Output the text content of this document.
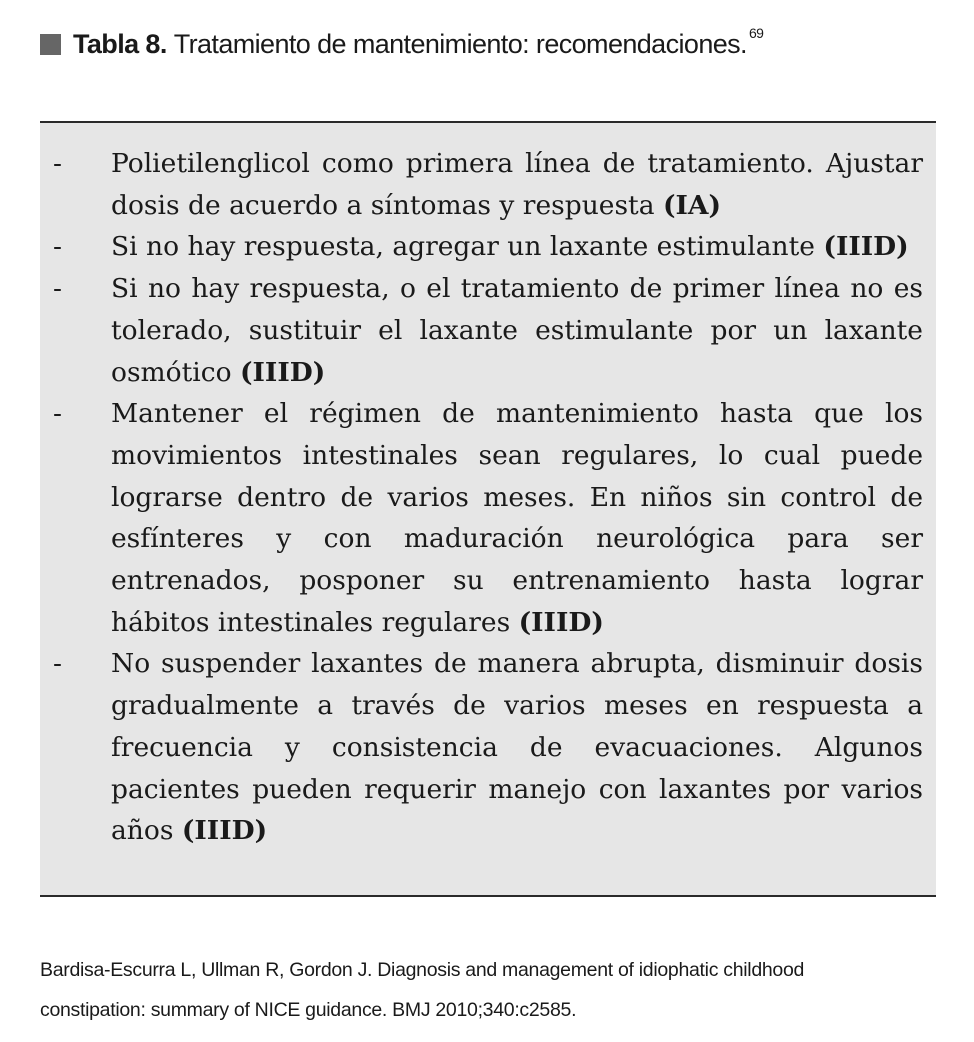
Tabla 8. Tratamiento de mantenimiento: recomendaciones.$^{69}$
- Polietilenglicol como primera línea de tratamiento. Ajustar dosis de acuerdo a síntomas y respuesta (IA)
- Si no hay respuesta, agregar un laxante estimulante (IIID)
- Si no hay respuesta, o el tratamiento de primer línea no es tolerado, sustituir el laxante estimulante por un laxante osmótico (IIID)
- Mantener el régimen de mantenimiento hasta que los movimientos intestinales sean regulares, lo cual puede lograrse dentro de varios meses. En niños sin control de esfínteres y con maduración neurológica para ser entrenados, posponer su entrenamiento hasta lograr hábitos intestinales regulares (IIID)
- No suspender laxantes de manera abrupta, disminuir dosis gradualmente a través de varios meses en respuesta a frecuencia y consistencia de evacuaciones. Algunos pacientes pueden requerir manejo con laxantes por varios años (IIID)
Bardisa-Escurra L, Ullman R, Gordon J. Diagnosis and management of idiophatic childhood
constipation: summary of NICE guidance. BMJ 2010;340:c2585.
